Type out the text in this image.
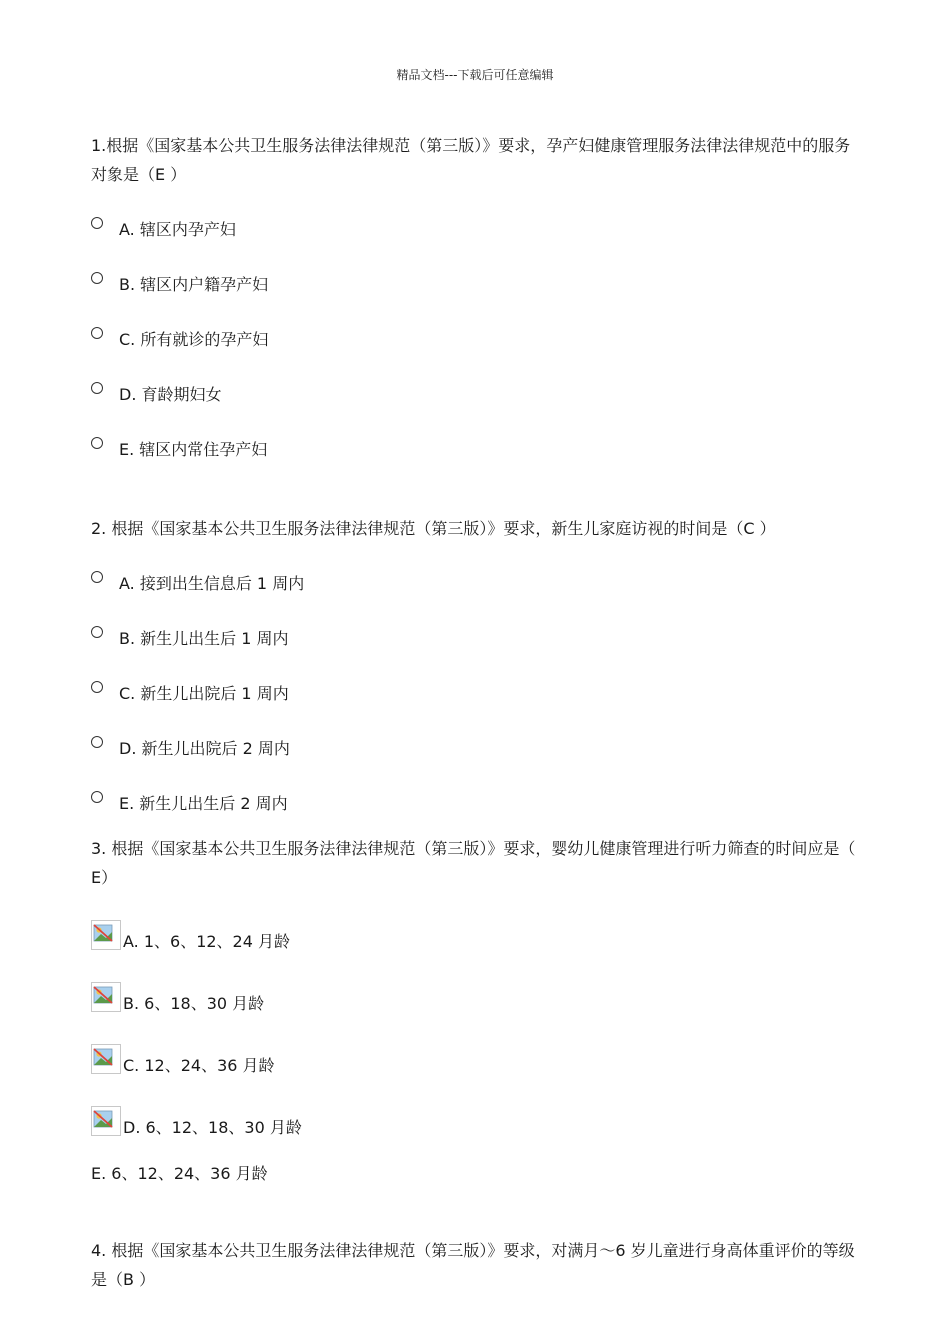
精品文档---下载后可任意编辑
1.根据《国家基本公共卫生服务法律法律规范（第三版）》要求，孕产妇健康管理服务法律法律规范中的服务对象是（E ）
A. 辖区内孕产妇
B. 辖区内户籍孕产妇
C. 所有就诊的孕产妇
D. 育龄期妇女
E. 辖区内常住孕产妇
2. 根据《国家基本公共卫生服务法律法律规范（第三版）》要求，新生儿家庭访视的时间是（C ）
A. 接到出生信息后 1 周内
B. 新生儿出生后 1 周内
C. 新生儿出院后 1 周内
D. 新生儿出院后 2 周内
E. 新生儿出生后 2 周内
3. 根据《国家基本公共卫生服务法律法律规范（第三版）》要求，婴幼儿健康管理进行听力筛查的时间应是（ E）
A. 1、6、12、24 月龄
B. 6、18、30 月龄
C. 12、24、36 月龄
D. 6、12、18、30 月龄
E. 6、12、24、36 月龄
4. 根据《国家基本公共卫生服务法律法律规范（第三版）》要求，对满月～6 岁儿童进行身高体重评价的等级是（B ）
